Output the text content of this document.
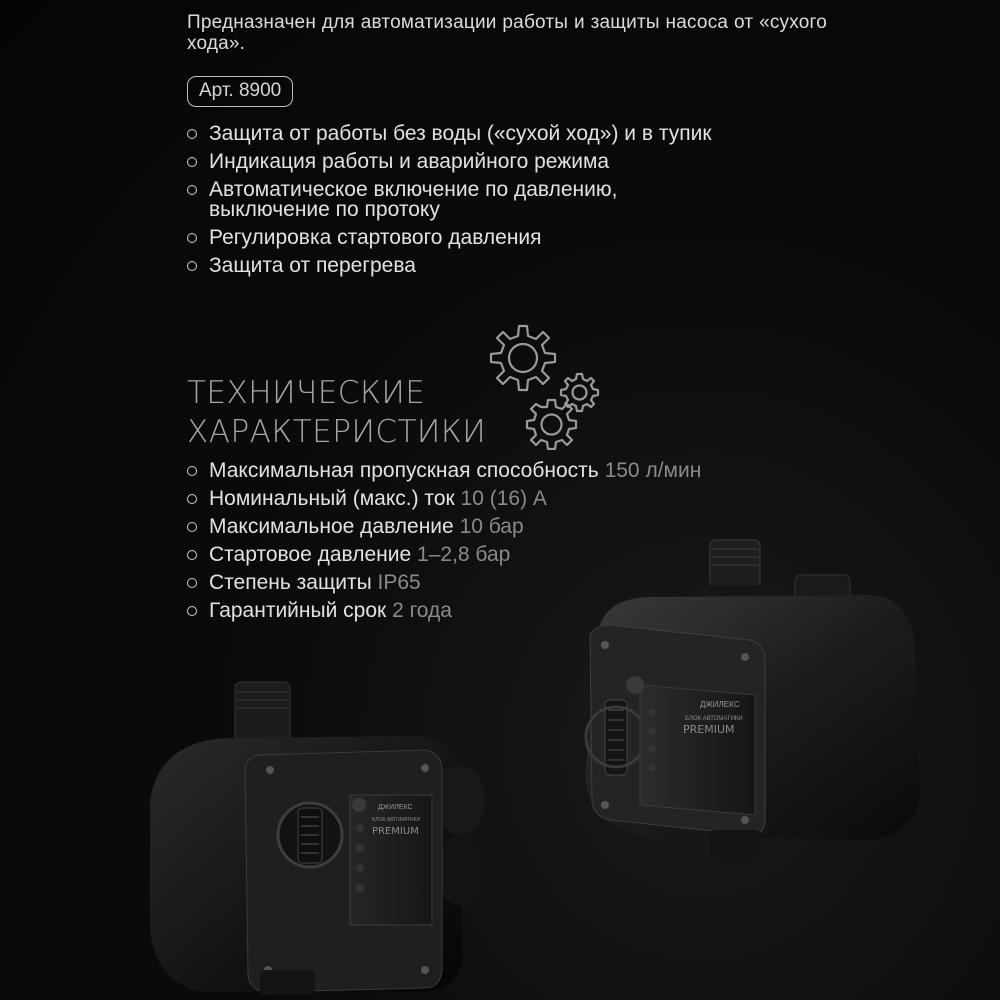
Предназначен для автоматизации работы и защиты насоса от «сухого хода».
Арт. 8900
Защита от работы без воды («сухой ход») и в тупик
Индикация работы и аварийного режима
Автоматическое включение по давлению, выключение по протоку
Регулировка стартового давления
Защита от перегрева
ТЕХНИЧЕСКИЕ
ХАРАКТЕРИСТИКИ
Максимальная пропускная способность 150 л/мин
Номинальный (макс.) ток 10 (16) А
Максимальное давление 10 бар
Стартовое давление 1–2,8 бар
Степень защиты IP65
Гарантийный срок 2 года
ДЖИЛЕКС
БЛОК АВТОМАТИКИ
PREMIUM
ДЖИЛЕКС
БЛОК АВТОМАТИКИ
PREMIUM
